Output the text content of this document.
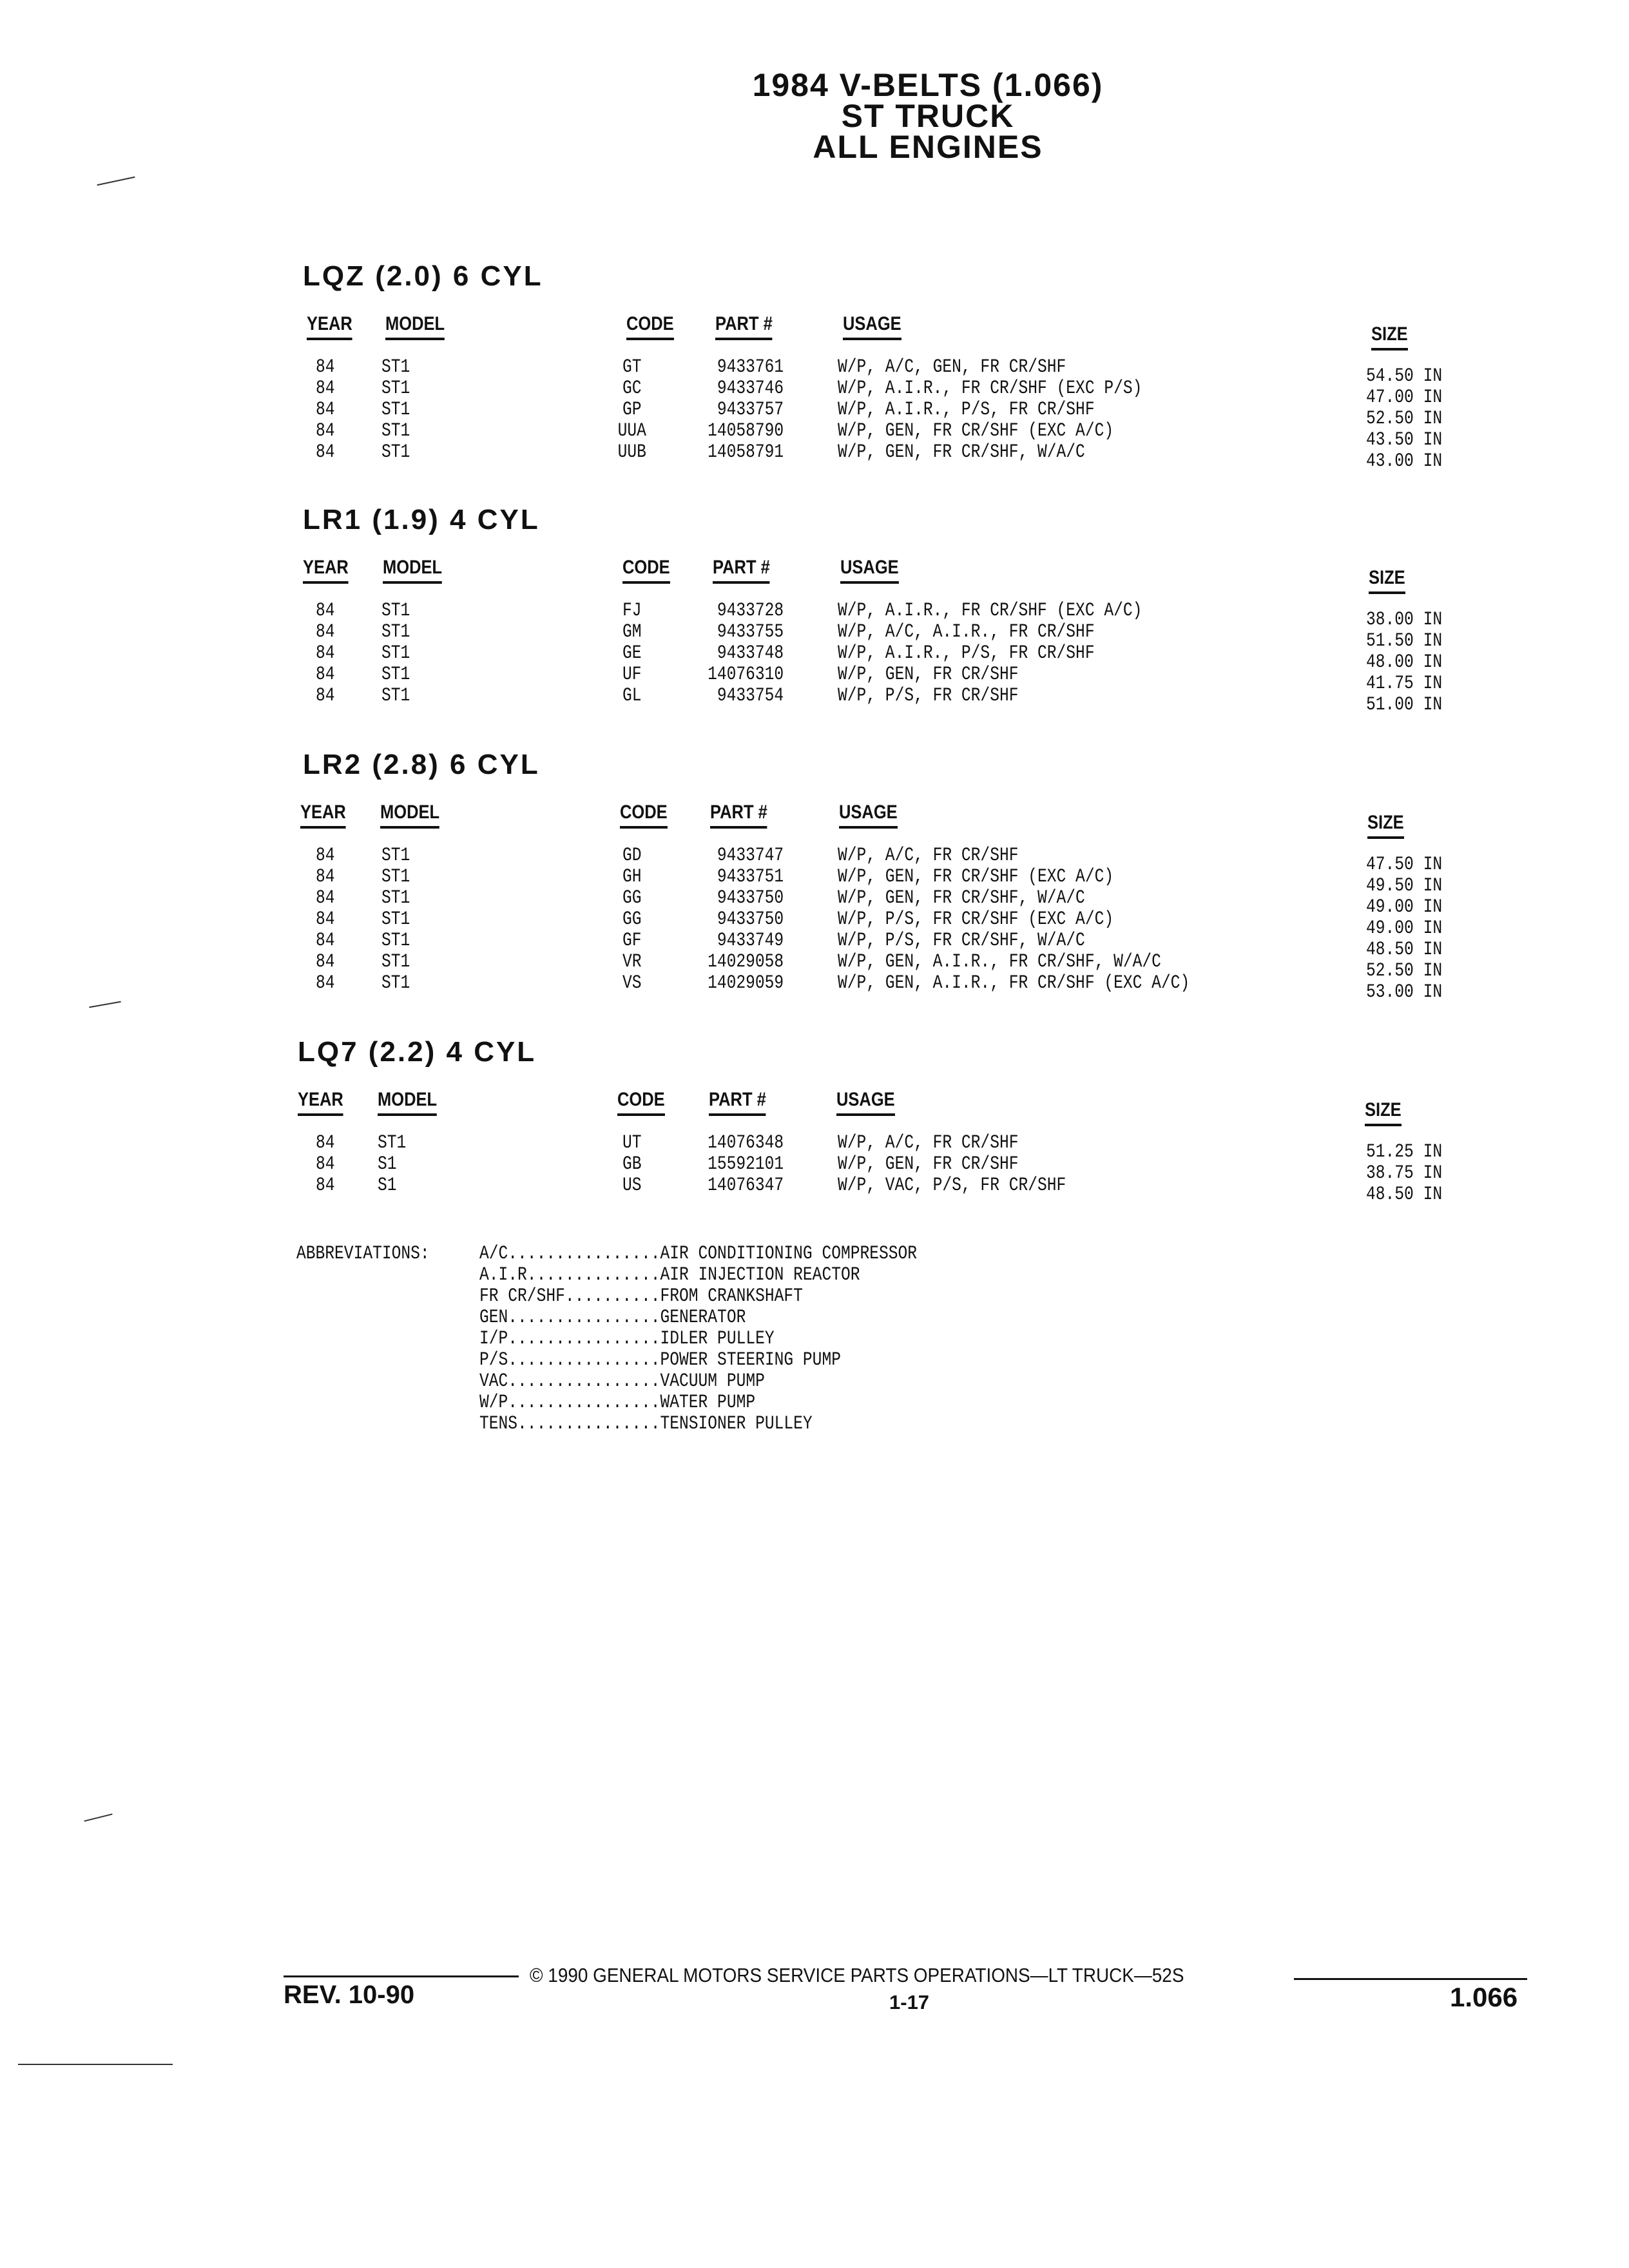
1984 V-BELTS (1.066)
ST TRUCK
ALL ENGINES
LQZ (2.0) 6 CYL
YEAR MODEL	CODE PART #	USAGE	SIZE
84 ST1	GT	9433761	W/P, A/C, GEN, FR CR/SHF	54.50 IN
84 ST1	GC	9433746	W/P, A.I.R., FR CR/SHF (EXC P/S)	47.00 IN
84 ST1	GP	9433757	W/P, A.I.R., P/S, FR CR/SHF	52.50 IN
84 ST1	UUA	14058790	W/P, GEN, FR CR/SHF (EXC A/C)	43.50 IN
84 ST1	UUB	14058791	W/P, GEN, FR CR/SHF, W/A/C	43.00 IN
LR1 (1.9) 4 CYL
YEAR MODEL	CODE PART #	USAGE	SIZE
84 ST1	FJ	9433728	W/P, A.I.R., FR CR/SHF (EXC A/C)	38.00 IN
84 ST1	GM	9433755	W/P, A/C, A.I.R., FR CR/SHF	51.50 IN
84 ST1	GE	9433748	W/P, A.I.R., P/S, FR CR/SHF	48.00 IN
84 ST1	UF	14076310	W/P, GEN, FR CR/SHF	41.75 IN
84 ST1	GL	9433754	W/P, P/S, FR CR/SHF	51.00 IN
LR2 (2.8) 6 CYL
YEAR MODEL	CODE PART #	USAGE	SIZE
84 ST1	GD	9433747	W/P, A/C, FR CR/SHF	47.50 IN
84 ST1	GH	9433751	W/P, GEN, FR CR/SHF (EXC A/C)	49.50 IN
84 ST1	GG	9433750	W/P, GEN, FR CR/SHF, W/A/C	49.00 IN
84 ST1	GG	9433750	W/P, P/S, FR CR/SHF (EXC A/C)	49.00 IN
84 ST1	GF	9433749	W/P, P/S, FR CR/SHF, W/A/C	48.50 IN
84 ST1	VR	14029058	W/P, GEN, A.I.R., FR CR/SHF, W/A/C	52.50 IN
84 ST1	VS	14029059	W/P, GEN, A.I.R., FR CR/SHF (EXC A/C)	53.00 IN
LQ7 (2.2) 4 CYL
YEAR MODEL	CODE PART #	USAGE	SIZE
84 ST1	UT	14076348	W/P, A/C, FR CR/SHF	51.25 IN
84 S1	GB	15592101	W/P, GEN, FR CR/SHF	38.75 IN
84 S1	US	14076347	W/P, VAC, P/S, FR CR/SHF	48.50 IN
ABBREVIATIONS:	A/C................AIR CONDITIONING COMPRESSOR
A.I.R..............AIR INJECTION REACTOR
FR CR/SHF..........FROM CRANKSHAFT
GEN................GENERATOR
I/P................IDLER PULLEY
P/S................POWER STEERING PUMP
VAC................VACUUM PUMP
W/P................WATER PUMP
TENS...............TENSIONER PULLEY
© 1990 GENERAL MOTORS SERVICE PARTS OPERATIONS—LT TRUCK—52S
REV. 10-90	1-17	1.066
